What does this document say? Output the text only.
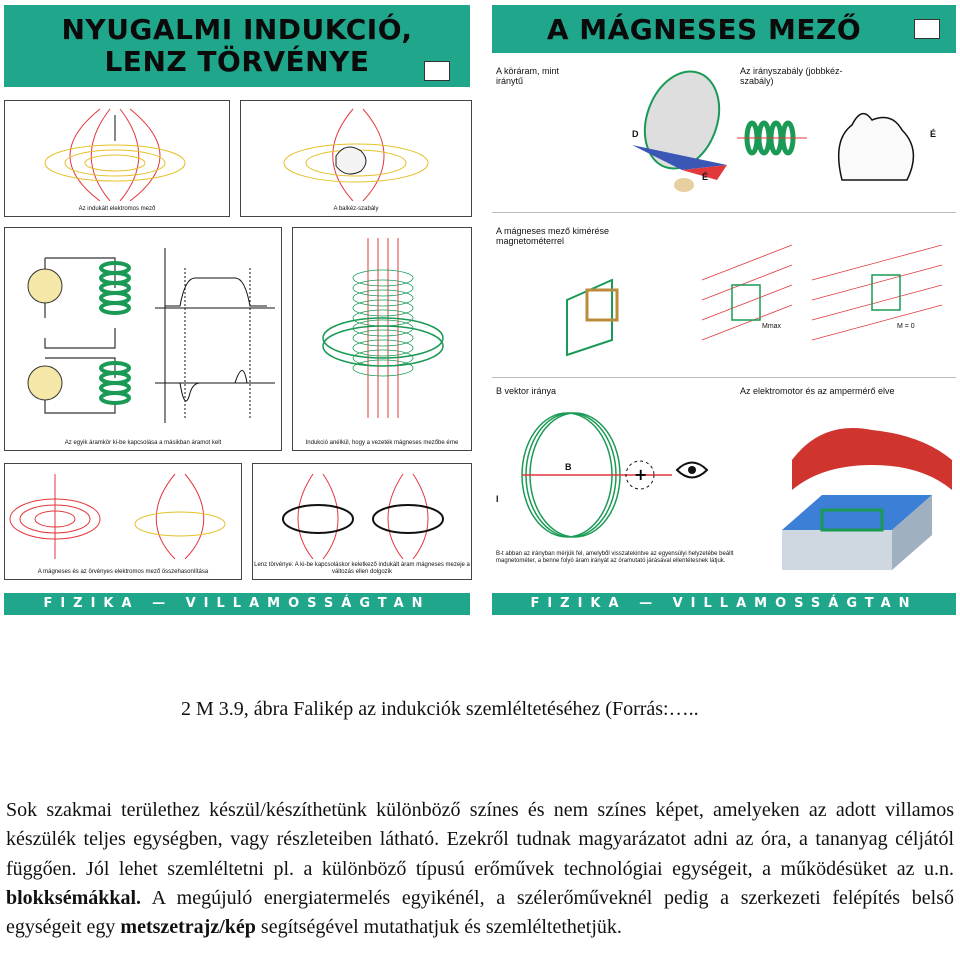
NYUGALMI INDUKCIÓ,
LENZ TÖRVÉNYE
Az indukált elektromos mező	A balkéz-szabály
Az egyik áramkör ki-be kapcsolása a másikban áramot kelt	Indukció anélkül, hogy a vezeték mágneses mezőbe érne
A mágneses és az örvényes elektromos mező összehasonlítása
Lenz törvénye: A ki-be kapcsoláskor keletkező indukált áram mágneses mezeje a változás ellen dolgozik
FIZIKA — VILLAMOSSÁGTAN
A MÁGNESES MEZŐ
A köráram, mint iránytű
Az irányszabály (jobbkéz-szabály)
D
É
É
A mágneses mező kimérése magnetométerrel
Mmax	M = 0
B vektor iránya	Az elektromotor és az ampermérő elve
+
B
I
B-t abban az irányban mérjük fel, amelyből visszatekintve az egyensúlyi helyzetébe beállt magnetométer, a benne folyó áram irányát az óramutató járásával ellentétesnek látjuk.
FIZIKA — VILLAMOSSÁGTAN
2 M 3.9, ábra Falikép az indukciók szemléltetéséhez (Forrás:…..
Sok szakmai területhez készül/készíthetünk különböző színes és nem színes képet, amelyeken az adott villamos készülék teljes egységben, vagy részleteiben látható. Ezekről tudnak magyarázatot adni az óra, a tananyag céljától függően. Jól lehet szemléltetni pl. a különböző típusú erőművek technológiai egységeit, a működésüket az u.n. blokksémákkal. A megújuló energiatermelés egyikénél, a szélerőműveknél pedig a szerkezeti felépítés belső egységeit egy metszetrajz/kép segítségével mutathatjuk és szemléltethetjük.
